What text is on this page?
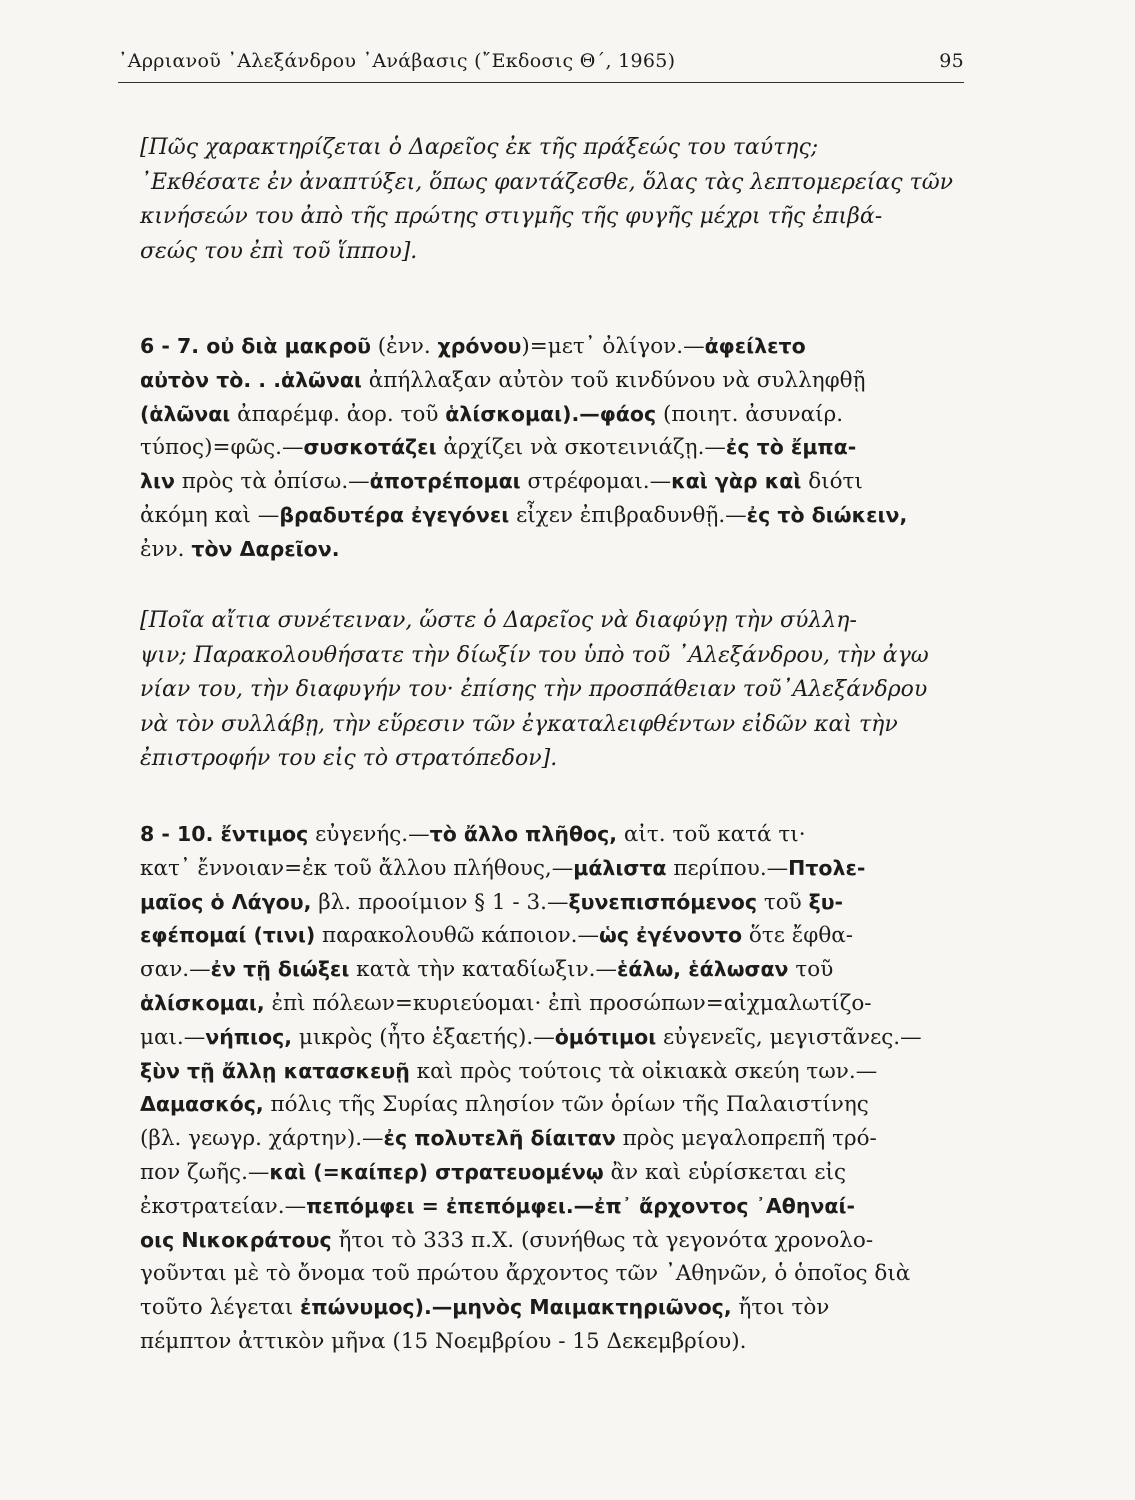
᾿Αρριανοῦ ᾿Αλεξάνδρου ᾿Ανάβασις (῎Εκδοσις Θ΄, 1965)	95
[Πῶς χαρακτηρίζεται ὁ Δαρεῖος ἐκ τῆς πράξεώς του ταύτης;
᾿Εκθέσατε ἐν ἀναπτύξει, ὅπως φαντάζεσθε, ὅλας τὰς λεπτομερείας τῶν
κινήσεών του ἀπὸ τῆς πρώτης στιγμῆς τῆς φυγῆς μέχρι τῆς ἐπιβά-
σεώς του ἐπὶ τοῦ ἵππου].
6 - 7. οὐ διὰ μακροῦ (ἐνν. χρόνου)=μετ᾿ ὀλίγον.—ἀφείλετο
αὐτὸν τὸ. . .ἁλῶναι ἀπήλλαξαν αὐτὸν τοῦ κινδύνου νὰ συλληφθῇ
(ἁλῶναι ἀπαρέμφ. ἀορ. τοῦ ἁλίσκομαι).—φάος (ποιητ. ἀσυναίρ.
τύπος)=φῶς.—συσκοτάζει ἀρχίζει νὰ σκοτεινιάζῃ.—ἐς τὸ ἔμπα-
λιν πρὸς τὰ ὀπίσω.—ἀποτρέπομαι στρέφομαι.—καὶ γὰρ καὶ διότι
ἀκόμη καὶ —βραδυτέρα ἐγεγόνει εἶχεν ἐπιβραδυνθῇ.—ἐς τὸ διώκειν,
ἐνν. τὸν Δαρεῖον.
[Ποῖα αἴτια συνέτειναν, ὥστε ὁ Δαρεῖος νὰ διαφύγῃ τὴν σύλλη-
ψιν; Παρακολουθήσατε τὴν δίωξίν του ὑπὸ τοῦ ᾿Αλεξάνδρου, τὴν ἀγω
νίαν του, τὴν διαφυγήν του· ἐπίσης τὴν προσπάθειαν τοῦ᾿Αλεξάνδρου
νὰ τὸν συλλάβῃ, τὴν εὕρεσιν τῶν ἐγκαταλειφθέντων εἰδῶν καὶ τὴν
ἐπιστροφήν του εἰς τὸ στρατόπεδον].
8 - 10. ἔντιμος εὐγενής.—τὸ ἄλλο πλῆθος, αἰτ. τοῦ κατά τι·
κατ᾿ ἔννοιαν=ἐκ τοῦ ἄλλου πλήθους,—μάλιστα περίπου.—Πτολε-
μαῖος ὁ Λάγου, βλ. προοίμιον § 1 - 3.—ξυνεπισπόμενος τοῦ ξυ-
εφέπομαί (τινι) παρακολουθῶ κάποιον.—ὡς ἐγένοντο ὅτε ἔφθα-
σαν.—ἐν τῇ διώξει κατὰ τὴν καταδίωξιν.—ἑάλω, ἑάλωσαν τοῦ
ἁλίσκομαι, ἐπὶ πόλεων=κυριεύομαι· ἐπὶ προσώπων=αἰχμαλωτίζο-
μαι.—νήπιος, μικρὸς (ἦτο ἑξαετής).—ὁμότιμοι εὐγενεῖς, μεγιστᾶνες.—
ξὺν τῇ ἄλλῃ κατασκευῇ καὶ πρὸς τούτοις τὰ οἰκιακὰ σκεύη των.—
Δαμασκός, πόλις τῆς Συρίας πλησίον τῶν ὁρίων τῆς Παλαιστίνης
(βλ. γεωγρ. χάρτην).—ἐς πολυτελῆ δίαιταν πρὸς μεγαλοπρεπῆ τρό-
πον ζωῆς.—καὶ (=καίπερ) στρατευομένῳ ἂν καὶ εὑρίσκεται εἰς
ἐκστρατείαν.—πεπόμφει = ἐπεπόμφει.—ἐπ᾿ ἄρχοντος ᾿Αθηναί-
οις Νικοκράτους ἤτοι τὸ 333 π.Χ. (συνήθως τὰ γεγονότα χρονολο-
γοῦνται μὲ τὸ ὄνομα τοῦ πρώτου ἄρχοντος τῶν ᾿Αθηνῶν, ὁ ὁποῖος διὰ
τοῦτο λέγεται ἐπώνυμος).—μηνὸς Μαιμακτηριῶνος, ἤτοι τὸν
πέμπτον ἀττικὸν μῆνα (15 Νοεμβρίου - 15 Δεκεμβρίου).
